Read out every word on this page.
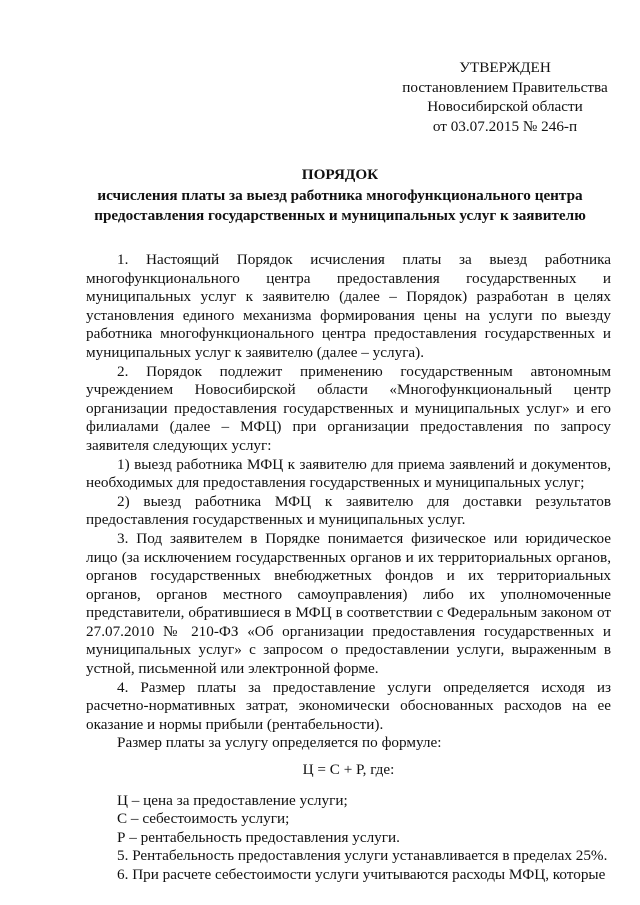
УТВЕРЖДЕН
постановлением Правительства
Новосибирской области
от 03.07.2015 № 246-п
ПОРЯДОК
исчисления платы за выезд работника многофункционального центра
предоставления государственных и муниципальных услуг к заявителю

1. Настоящий Порядок исчисления платы за выезд работника многофункционального центра предоставления государственных и муниципальных услуг к заявителю (далее – Порядок) разработан в целях установления единого механизма формирования цены на услуги по выезду работника многофункционального центра предоставления государственных и муниципальных услуг к заявителю (далее – услуга).

2. Порядок подлежит применению государственным автономным учреждением Новосибирской области «Многофункциональный центр организации предоставления государственных и муниципальных услуг» и его филиалами (далее – МФЦ) при организации предоставления по запросу заявителя следующих услуг:

1) выезд работника МФЦ к заявителю для приема заявлений и документов, необходимых для предоставления государственных и муниципальных услуг;

2) выезд работника МФЦ к заявителю для доставки результатов предоставления государственных и муниципальных услуг.

3. Под заявителем в Порядке понимается физическое или юридическое лицо (за исключением государственных органов и их территориальных органов, органов государственных внебюджетных фондов и их территориальных органов, органов местного самоуправления) либо их уполномоченные представители, обратившиеся в МФЦ в соответствии с Федеральным законом от 27.07.2010 № 210-ФЗ «Об организации предоставления государственных и муниципальных услуг» с запросом о предоставлении услуги, выраженным в устной, письменной или электронной форме.

4. Размер платы за предоставление услуги определяется исходя из расчетно-нормативных затрат, экономически обоснованных расходов на ее оказание и нормы прибыли (рентабельности).

Размер платы за услугу определяется по формуле:

Ц = С + Р, где:

Ц – цена за предоставление услуги;

С – себестоимость услуги;

Р – рентабельность предоставления услуги.

5. Рентабельность предоставления услуги устанавливается в пределах 25%.

6. При расчете себестоимости услуги учитываются расходы МФЦ, которые
